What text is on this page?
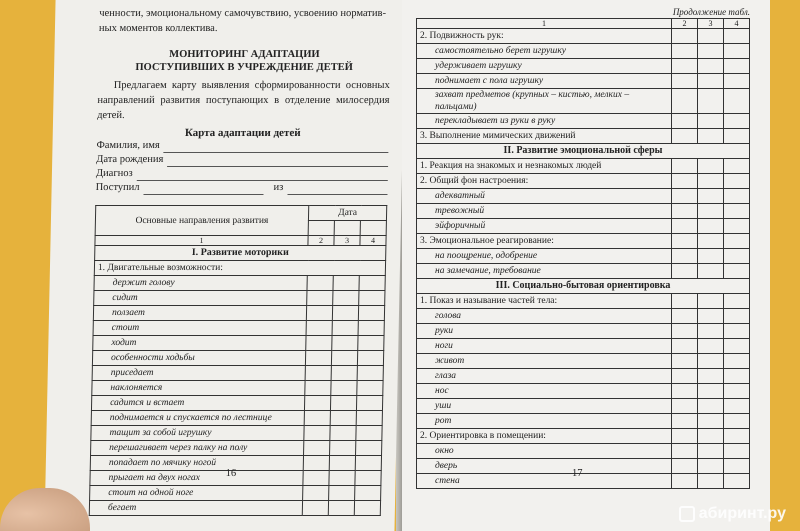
ченности, эмоциональному самочувствию, усвоению норматив-
ных моментов коллектива.
МОНИТОРИНГ АДАПТАЦИИ
ПОСТУПИВШИХ В УЧРЕЖДЕНИЕ ДЕТЕЙ
Предлагаем карту выявления сформированности основных направлений развития поступающих в отделение милосердия детей.
Карта адаптации детей
Фамилия, имя
Дата рождения
Диагноз
Поступил	из
Основные направления развития	Дата		

1	2	3	4
I. Развитие моторики			
1. Двигательные возможности:			
держит голову			
сидит			
ползает			
стоит			
ходит			
особенности ходьбы			
приседает			
наклоняется			
садится и встает			
поднимается и спускается по лестнице			
тащит за собой игрушку			
перешагивает через палку на полу			
попадает по мячику ногой			
прыгает на двух ногах			
стоит на одной ноге			
бегает			
16
Продолжение табл.
1	2	3	4
2. Подвижность рук:			
самостоятельно берет игрушку			
удерживает игрушку			
поднимает с пола игрушку			
захват предметов (крупных – кистью, мелких – пальцами)			
перекладывает из руки в руку			
3. Выполнение мимических движений			
II. Развитие эмоциональной сферы			
1. Реакция на знакомых и незнакомых людей			
2. Общий фон настроения:			
адекватный			
тревожный			
эйфоричный			
3. Эмоциональное реагирование:			
на поощрение, одобрение			
на замечание, требование			
III. Социально-бытовая ориентировка			
1. Показ и называние частей тела:			
голова			
руки			
ноги			
живот			
глаза			
нос			
уши			
рот			
2. Ориентировка в помещении:			
окно			
дверь			
стена			
17
абиринт.ру
